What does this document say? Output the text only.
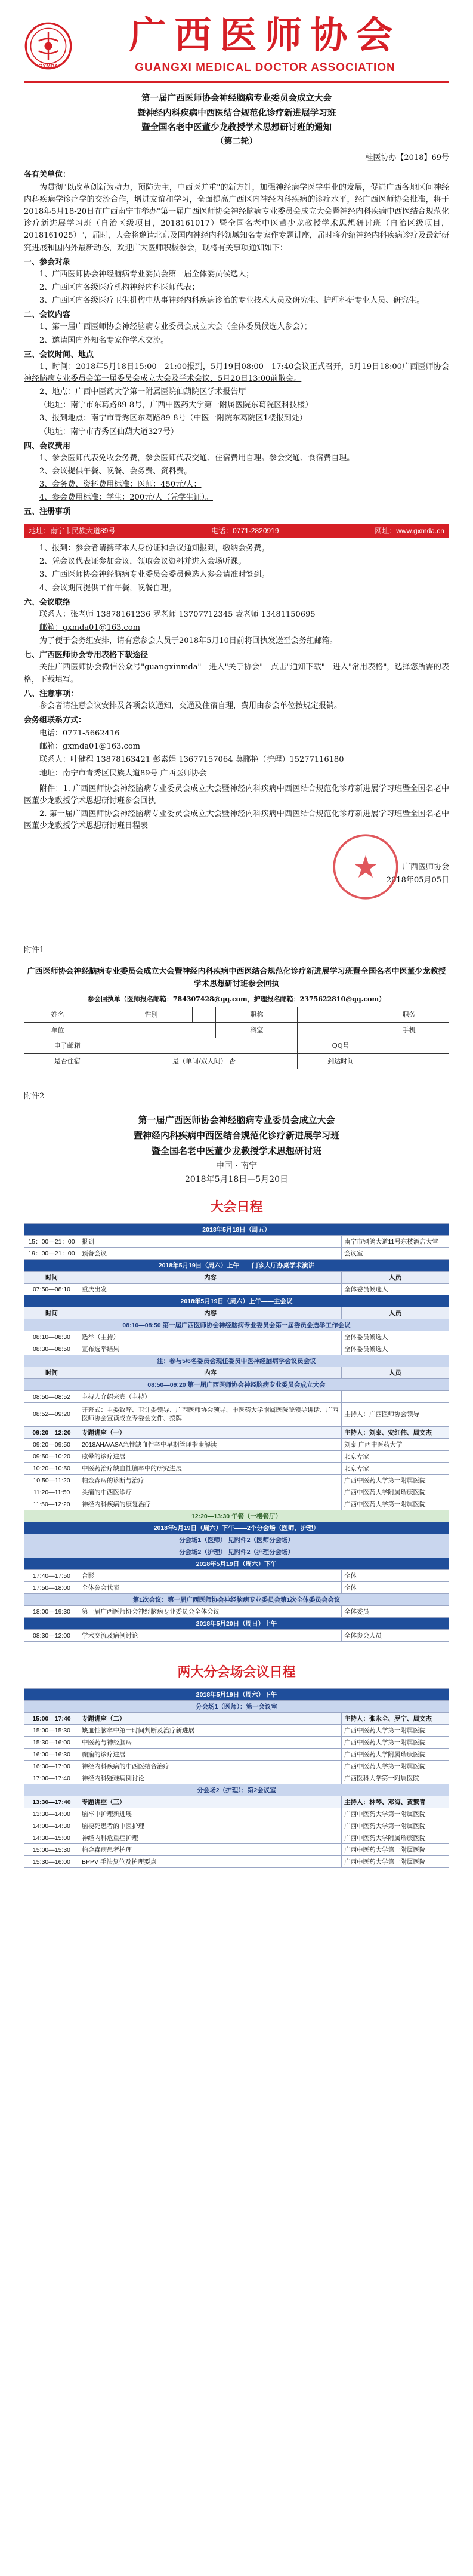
GXMDA
广西医师协会
GUANGXI MEDICAL DOCTOR ASSOCIATION
第一届广西医师协会神经脑病专业委员会成立大会
暨神经内科疾病中西医结合规范化诊疗新进展学习班
暨全国名老中医董少龙教授学术思想研讨班的通知
（第二轮）
桂医协办【2018】69号
各有关单位：
为贯彻"以改革创新为动力，预防为主，中西医并重"的新方针，加强神经病学医学事业的发展，促进广西各地区间神经内科疾病学诊疗学的交流合作，增进友谊和学习，全面提高广西区内神经内科疾病的诊疗水平，经广西医师协会批准，将于2018年5月18-20日在广西南宁市举办"第一届广西医师协会神经脑病专业委员会成立大会暨神经内科疾病中西医结合规范化诊疗新进展学习班（自治区级项目，2018161017）暨全国名老中医董少龙教授学术思想研讨班（自治区级项目，2018161025）"，届时，大会将邀请北京及国内神经内科领域知名专家作专题讲座，届时将介绍神经内科疾病诊疗及最新研究进展和国内外最新动态，欢迎广大医师积极参会，现将有关事项通知如下：
一、参会对象
1、广西医师协会神经脑病专业委员会第一届全体委员候选人；
2、广西区内各级医疗机构神经内科医师代表；
3、广西区内各级医疗卫生机构中从事神经内科疾病诊治的专业技术人员及研究生、护理科研专业人员、研究生。
二、会议内容
1、第一届广西医师协会神经脑病专业委员会成立大会（全体委员候选人参会）；
2、邀请国内外知名专家作学术交流。
三、会议时间、地点
1、时间：2018年5月18日15:00—21:00报到，5月19日08:00—17:40会议正式召开，5月19日18:00广西医师协会神经脑病专业委员会第一届委员会成立大会及学术会议，5月20日13:00前散会。
2、地点：广西中医药大学第一附属医院仙葫院区学术报告厅
（地址：南宁市东葛路89-8号，广西中医药大学第一附属医院东葛院区科技楼）
3、报到地点：南宁市青秀区东葛路89-8号（中医一附院东葛院区1楼报到处）
（地址：南宁市青秀区仙葫大道327号）
四、会议费用
1、参会医师代表免收会务费，参会医师代表交通、住宿费用自理。参会交通、食宿费自理。
2、会议提供午餐、晚餐、会务费、资料费。
3、会务费、资料费用标准：医师：450元/人；
4、参会费用标准：学生：200元/人（凭学生证）。
五、注册事项
地址：南宁市民族大道89号	电话：0771-2820919	网址：www.gxmda.cn
1、报到：参会者请携带本人身份证和会议通知报到，缴纳会务费。
2、凭会议代表证参加会议，领取会议资料并进入会场听课。
3、广西医师协会神经脑病专业委员会委员候选人参会请准时签到。
4、会议期间提供工作午餐，晚餐自理。
六、会议联络
联系人：张老师 13878161236 罗老师 13707712345 袁老师 13481150695
邮箱：gxmda01@163.com
为了便于会务组安排，请有意参会人员于2018年5月10日前将回执发送至会务组邮箱。
七、广西医师协会专用表格下载途径
关注广西医师协会微信公众号"guangxinmda"—进入"关于协会"—点击"通知下载"—进入"常用表格"，选择您所需的表格，下载填写。
八、注意事项：
参会者请注意会议安排及各项会议通知，交通及住宿自理，费用由参会单位按规定报销。
会务组联系方式：
电话：0771-5662416
邮箱：gxmda01@163.com
联系人：叶健程 13878163421 彭素娟 13677157064 莫郦艳（护理）15277116180
地址：南宁市青秀区民族大道89号 广西医师协会
附件：1. 广西医师协会神经脑病专业委员会成立大会暨神经内科疾病中西医结合规范化诊疗新进展学习班暨全国名老中医董少龙教授学术思想研讨班参会回执
2. 第一届广西医师协会神经脑病专业委员会成立大会暨神经内科疾病中西医结合规范化诊疗新进展学习班暨全国名老中医董少龙教授学术思想研讨班日程表
广西医师协会
2018年05月05日
附件1
广西医师协会神经脑病专业委员会成立大会暨神经内科疾病中西医结合规范化诊疗新进展学习班暨全国名老中医董少龙教授学术思想研讨班参会回执
参会回执单（医师报名邮箱：784307428@qq.com，护理报名邮箱：2375622810@qq.com）
姓名		性别		职称		职务	
单位				科室		手机	
电子邮箱					QQ号		
是否住宿		是（单间/双人间） 否			到达时间		
附件2
第一届广西医师协会神经脑病专业委员会成立大会
暨神经内科疾病中西医结合规范化诊疗新进展学习班
暨全国名老中医董少龙教授学术思想研讨班
中国 · 南宁
2018年5月18日—5月20日
大会日程
2018年5月18日（周五）		
15：00—21：00	报到	南宁市钢鸽大道11号东楼酒店大堂
19：00—21：00	预备会议	会议室
2018年5月19日（周六）上午——门诊大厅办桌学术演讲		
时间	内容	人员
07:50—08:10	重庆出发	全体委员候选人
2018年5月19日（周六）上午——主会议		
时间	内容	人员
08:10—08:50 第一届广西医师协会神经脑病专业委员会第一届委员会选举工作会议		
08:10—08:30	选举（主持）	全体委员候选人
08:30—08:50	宣布选举结果	全体委员候选人
注：参与5/6名委员会现任委员中医神经脑病学会议员会议		
时间	内容	人员
08:50—09:20 第一届广西医师协会神经脑病专业委员会成立大会		
08:50—08:52	主持人介绍来宾（主持）	
08:52—09:20	开幕式：主委致辞、卫计委领导、广西医师协会领导、中医药大学附属医院院领导讲话、广西医师协会宣读成立专委会文件、授牌	主持人：广西医师协会领导
09:20—12:20	专题讲座（一）	主持人：刘泰、安红伟、周文杰
09:20—09:50	2018AHA/ASA急性缺血性卒中早期管理指南解读	刘泰 广西中医药大学
09:50—10:20	眩晕的诊疗进展	北京专家
10:20—10:50	中医药治疗缺血性脑卒中的研究进展	北京专家
10:50—11:20	帕金森病的诊断与治疗	广西中医药大学第一附属医院
11:20—11:50	头痛的中西医诊疗	广西中医药大学附属瑞康医院
11:50—12:20	神经内科疾病的康复治疗	广西中医药大学第一附属医院
12:20—13:30 午餐（一楼餐厅）		
2018年5月19日（周六）下午——2个分会场（医师、护理）		
分会场1（医师） 见附件2（医师分会场）		
分会场2（护理） 见附件2（护理分会场）		
2018年5月19日（周六）下午		
17:40—17:50	合影	全体
17:50—18:00	全体参会代表	全体
第1次会议：第一届广西医师协会神经脑病专业委员会第1次全体委员会会议		
18:00—19:30	第一届广西医师协会神经脑病专业委员会全体会议	全体委员
2018年5月20日（周日）上午		
08:30—12:00	学术交流及病例讨论	全体参会人员
两大分会场会议日程
2018年5月19日（周六）下午		
分会场1（医师）：第一会议室		
15:00—17:40	专题讲座（二）	主持人：张永全、罗宁、周文杰
15:00—15:30	缺血性脑卒中第一时间判断及治疗新进展	广西中医药大学第一附属医院
15:30—16:00	中医药与神经脑病	广西中医药大学第一附属医院
16:00—16:30	癫痫的诊疗进展	广西中医药大学附属瑞康医院
16:30—17:00	神经内科疾病的中西医结合治疗	广西中医药大学第一附属医院
17:00—17:40	神经内科疑难病例讨论	广西医科大学第一附属医院
分会场2（护理）：第2会议室		
13:30—17:40	专题讲座（三）	主持人：林琴、邓海、黄繁青
13:30—14:00	脑卒中护理新进展	广西中医药大学第一附属医院
14:00—14:30	脑梗死患者的中医护理	广西中医药大学第一附属医院
14:30—15:00	神经内科危重症护理	广西中医药大学附属瑞康医院
15:00—15:30	帕金森病患者护理	广西中医药大学第一附属医院
15:30—16:00	BPPV 手法复位及护理要点	广西中医药大学第一附属医院
